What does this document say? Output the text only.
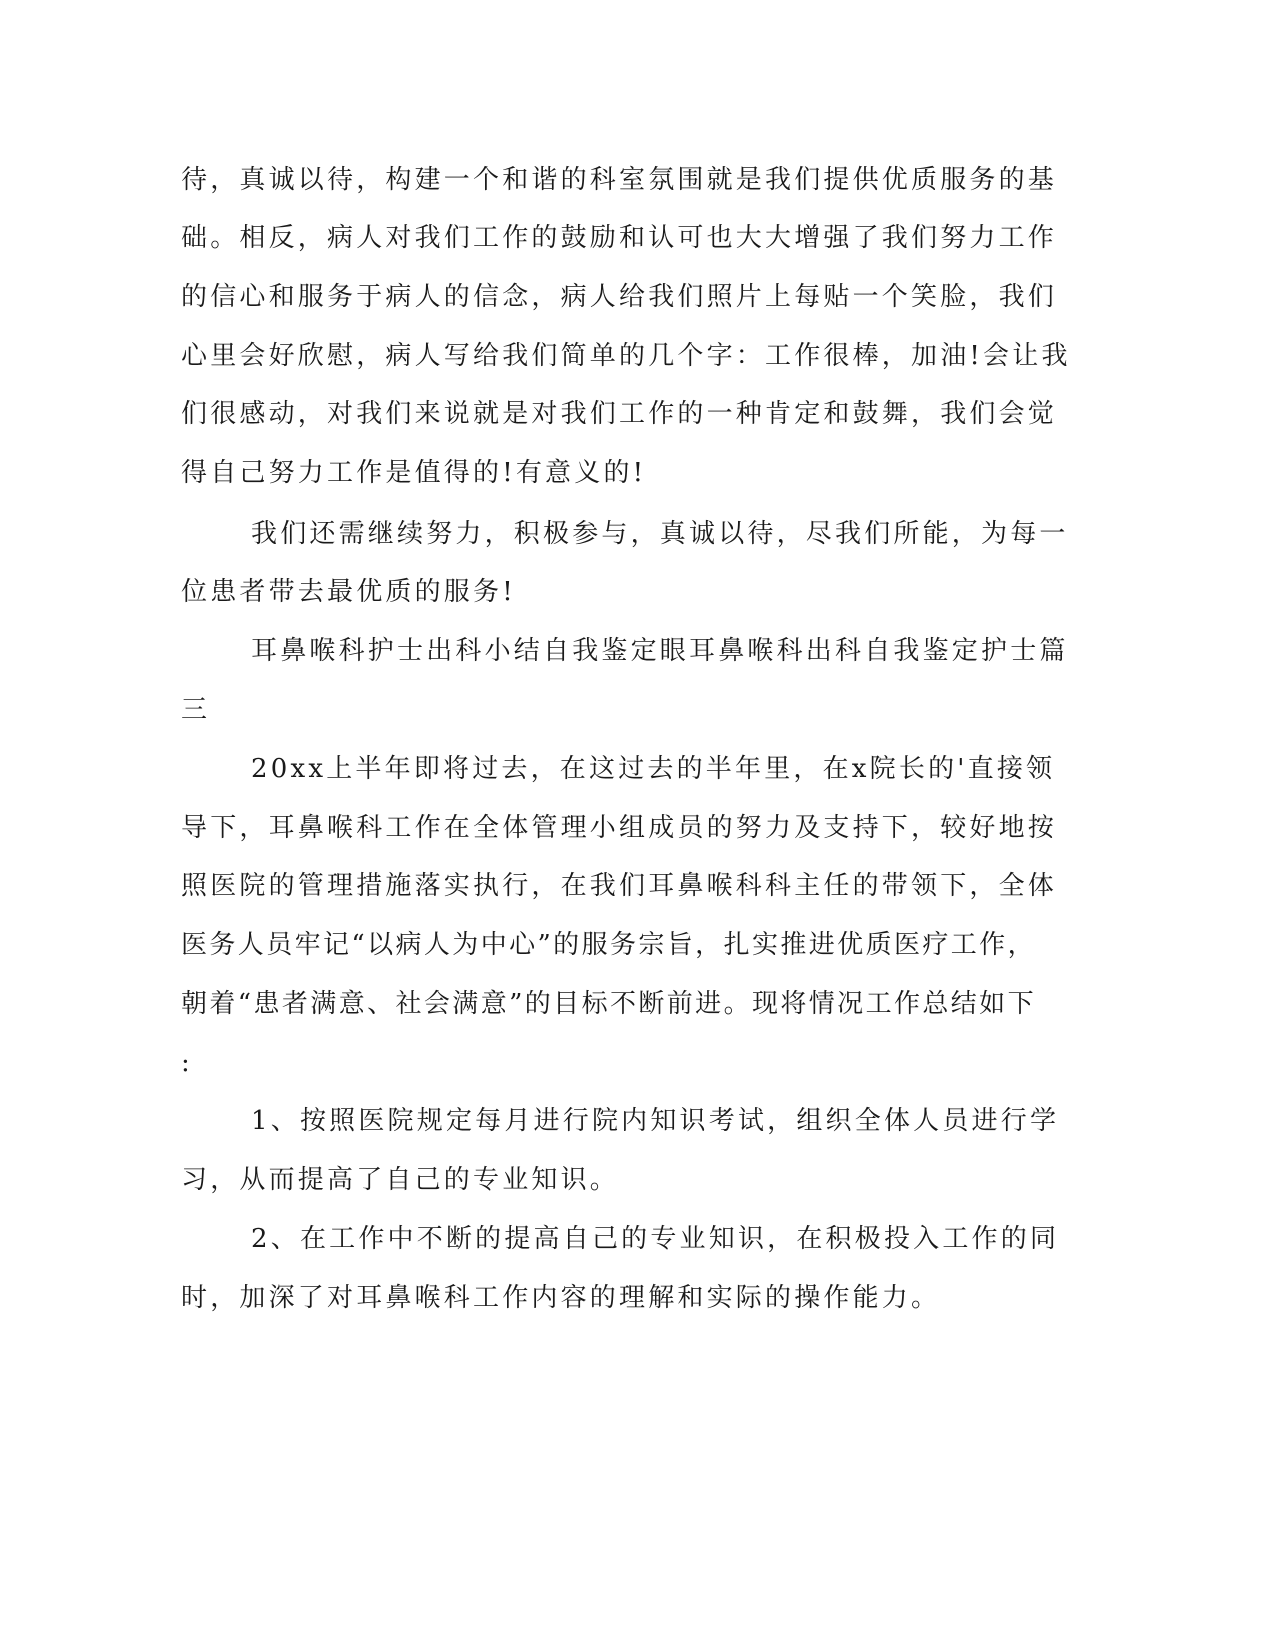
待，真诚以待，构建一个和谐的科室氛围就是我们提供优质服务的基
础。相反，病人对我们工作的鼓励和认可也大大增强了我们努力工作
的信心和服务于病人的信念，病人给我们照片上每贴一个笑脸，我们
心里会好欣慰，病人写给我们简单的几个字：工作很棒，加油!会让我
们很感动，对我们来说就是对我们工作的一种肯定和鼓舞，我们会觉
得自己努力工作是值得的!有意义的!
我们还需继续努力，积极参与，真诚以待，尽我们所能，为每一
位患者带去最优质的服务!
耳鼻喉科护士出科小结自我鉴定眼耳鼻喉科出科自我鉴定护士篇
三
20xx上半年即将过去，在这过去的半年里，在x院长的'直接领
导下，耳鼻喉科工作在全体管理小组成员的努力及支持下，较好地按
照医院的管理措施落实执行，在我们耳鼻喉科科主任的带领下，全体
医务人员牢记“以病人为中心”的服务宗旨，扎实推进优质医疗工作，
朝着“患者满意、社会满意”的目标不断前进。现将情况工作总结如下
:
1、按照医院规定每月进行院内知识考试，组织全体人员进行学
习，从而提高了自己的专业知识。
2、在工作中不断的提高自己的专业知识，在积极投入工作的同
时，加深了对耳鼻喉科工作内容的理解和实际的操作能力。
